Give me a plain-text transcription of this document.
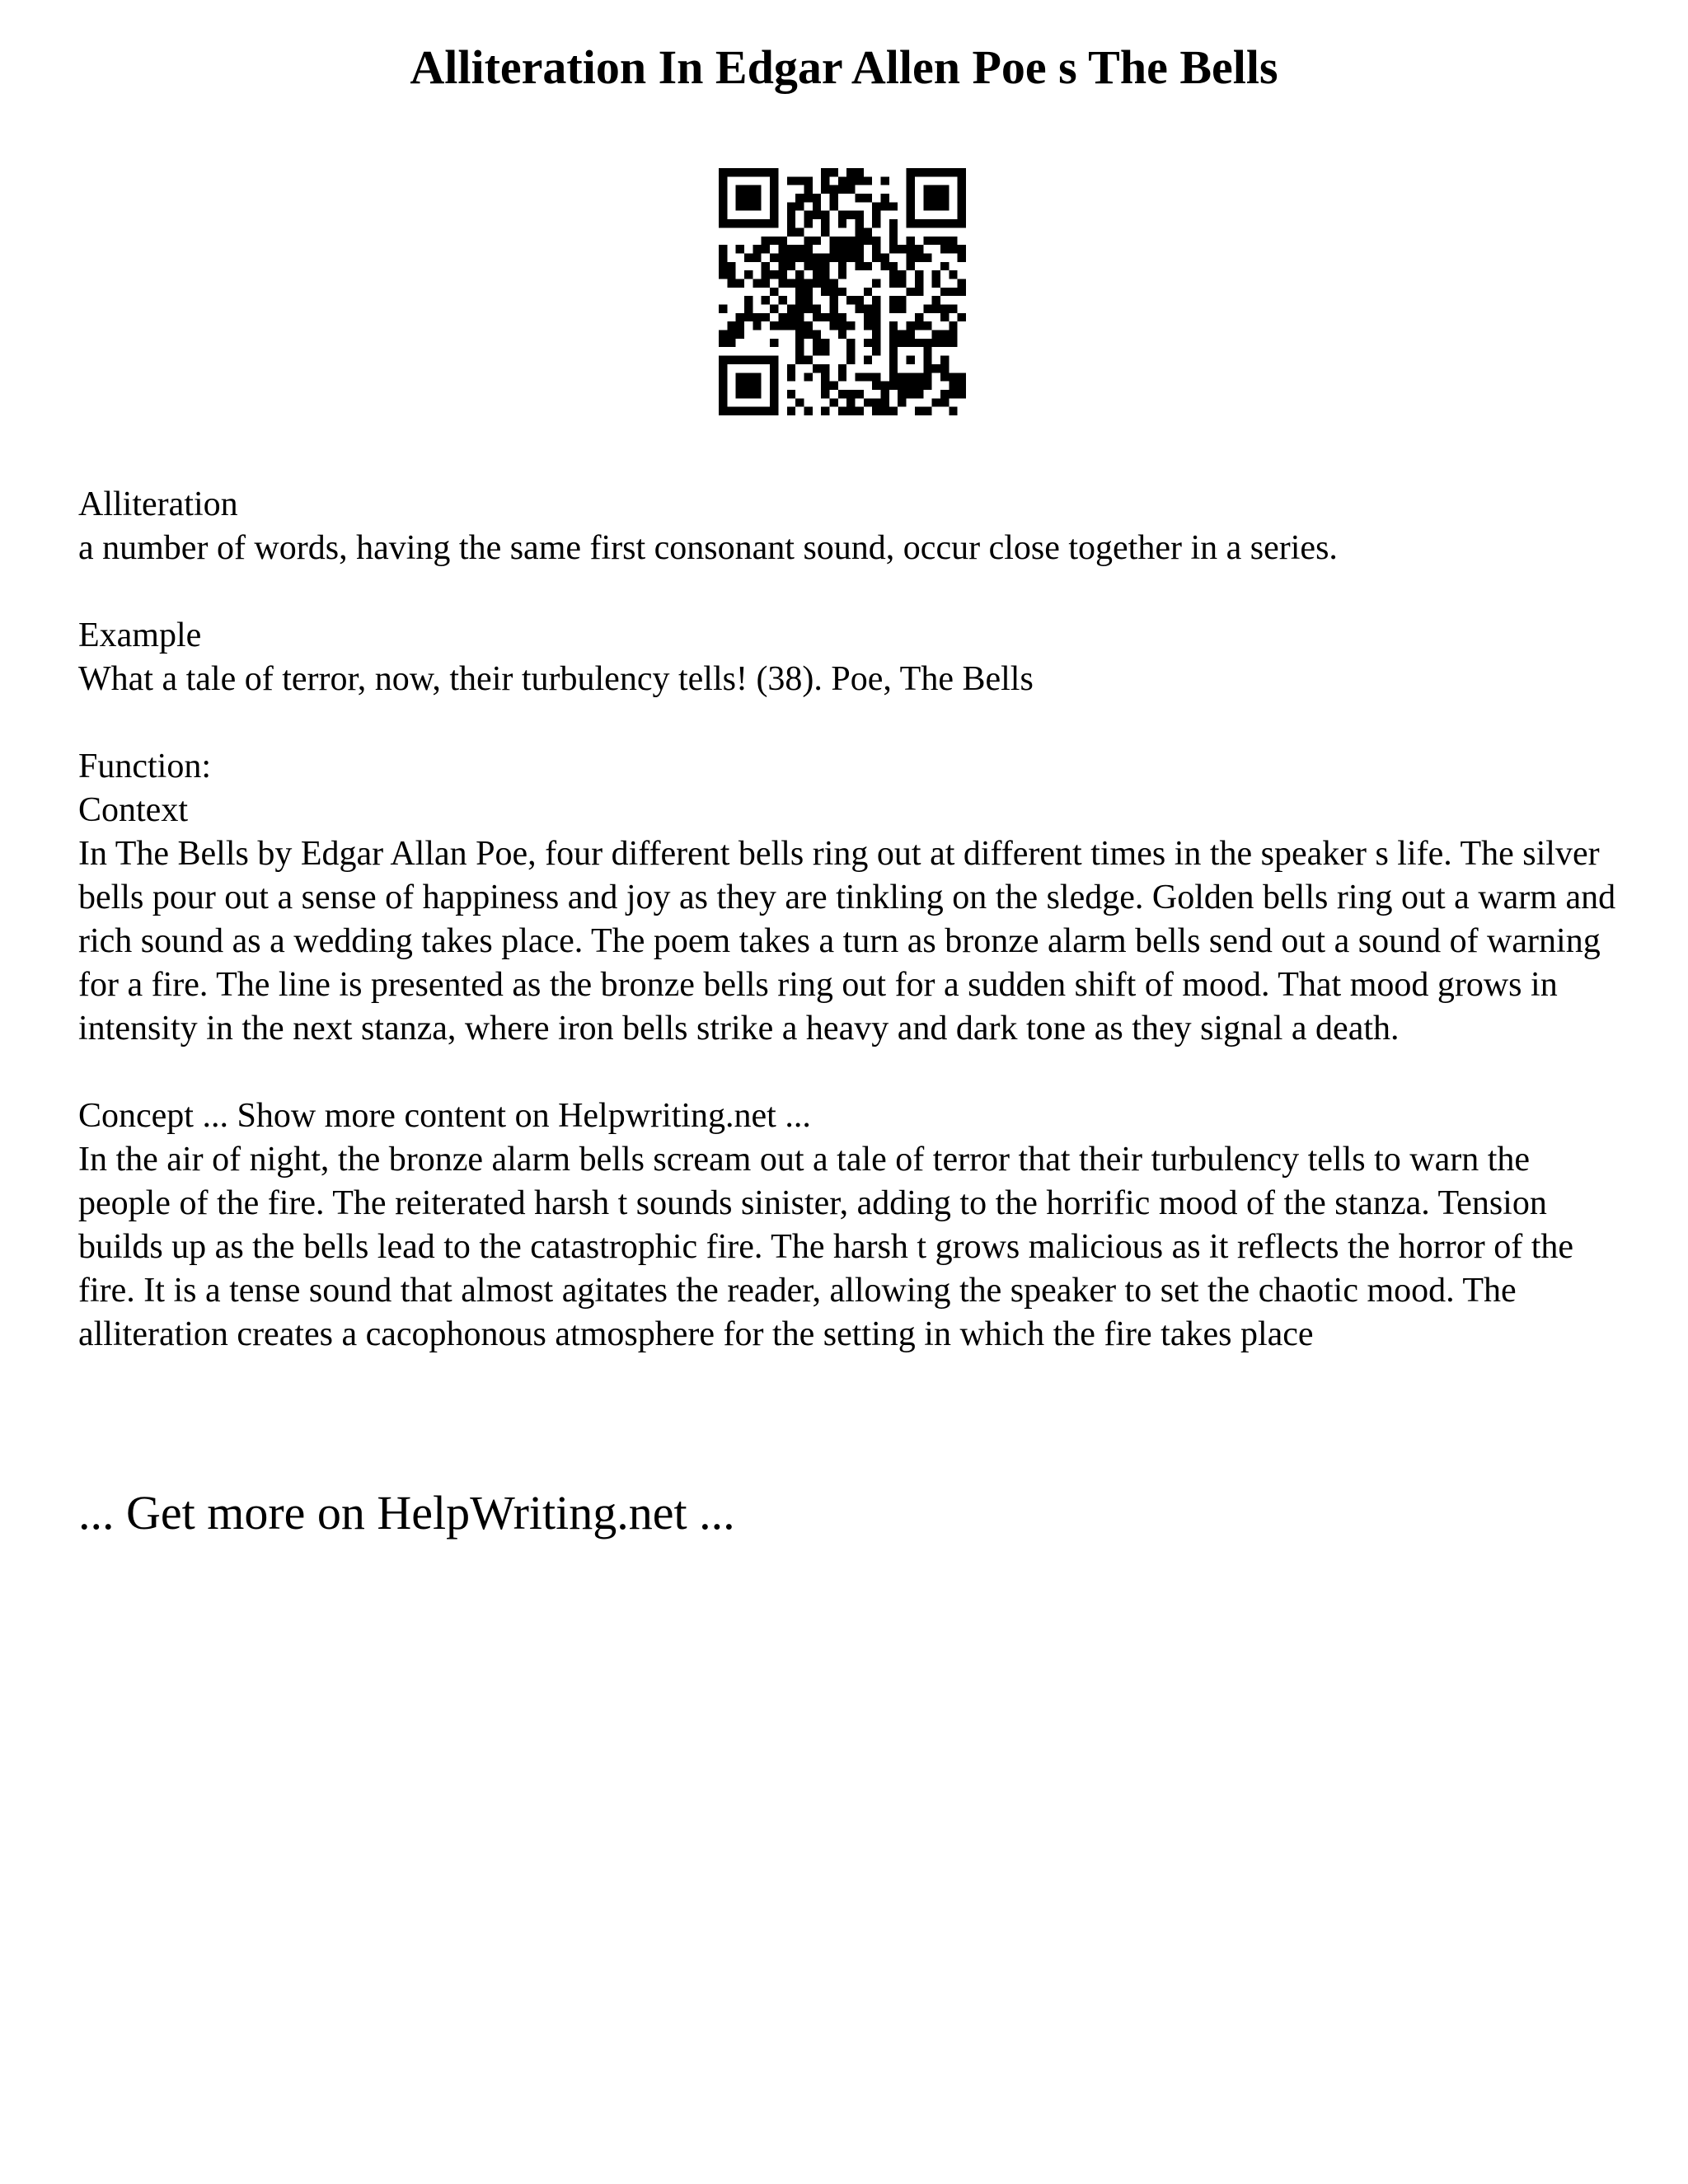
Alliteration In Edgar Allen Poe s The Bells

Alliteration
a number of words, having the same first consonant sound, occur close together in a series.

Example
What a tale of terror, now, their turbulency tells! (38). Poe, The Bells

Function:
Context
In The Bells by Edgar Allan Poe, four different bells ring out at different times in the speaker s life. The silver bells pour out a sense of happiness and joy as they are tinkling on the sledge. Golden bells ring out a warm and rich sound as a wedding takes place. The poem takes a turn as bronze alarm bells send out a sound of warning for a fire. The line is presented as the bronze bells ring out for a sudden shift of mood. That mood grows in intensity in the next stanza, where iron bells strike a heavy and dark tone as they signal a death.

Concept ... Show more content on Helpwriting.net ...
In the air of night, the bronze alarm bells scream out a tale of terror that their turbulency tells to warn the people of the fire. The reiterated harsh t sounds sinister, adding to the horrific mood of the stanza. Tension builds up as the bells lead to the catastrophic fire. The harsh t grows malicious as it reflects the horror of the fire. It is a tense sound that almost agitates the reader, allowing the speaker to set the chaotic mood. The alliteration creates a cacophonous atmosphere for the setting in which the fire takes place

... Get more on HelpWriting.net ...
